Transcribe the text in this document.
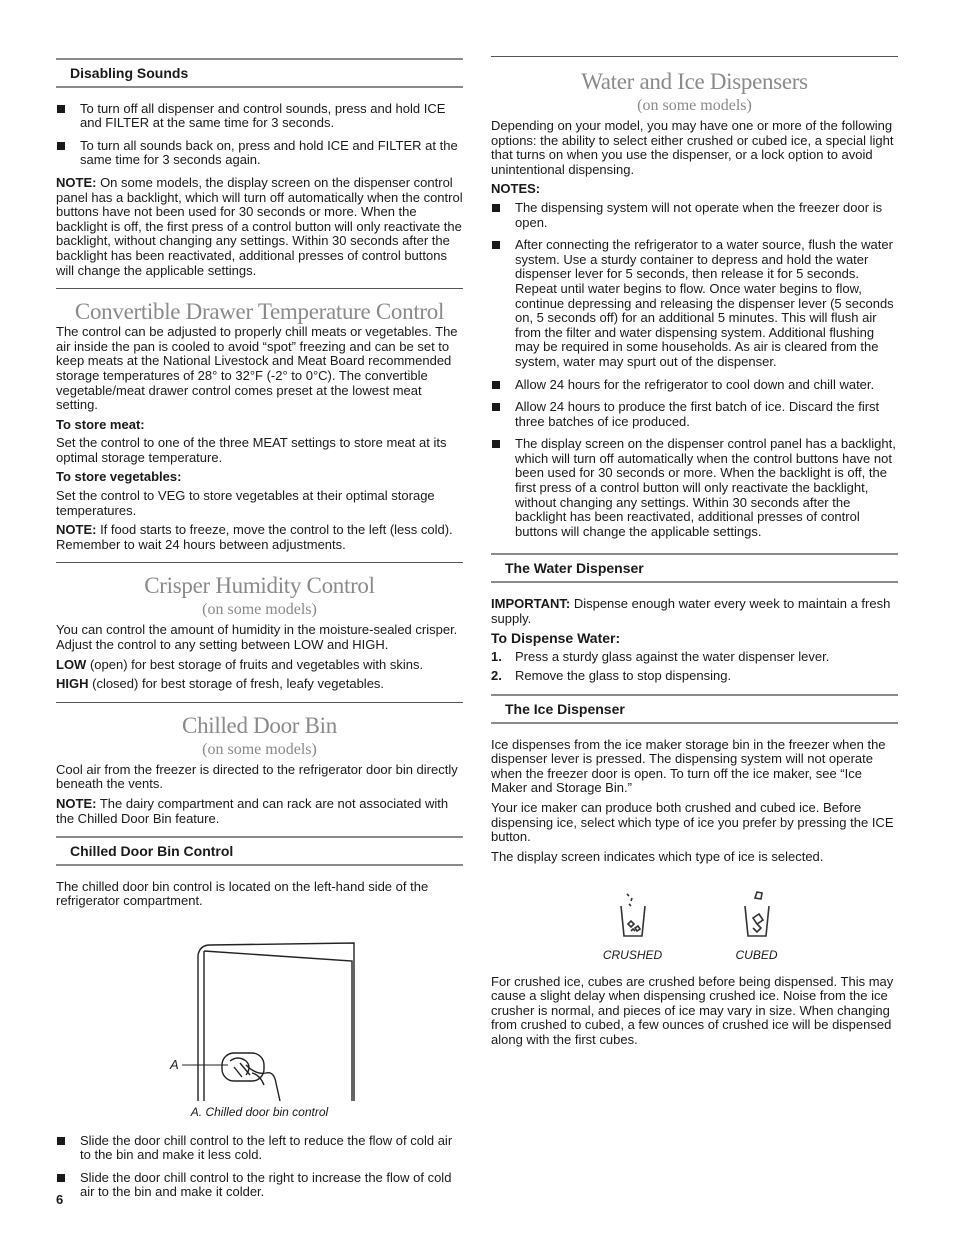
Disabling Sounds
To turn off all dispenser and control sounds, press and hold ICE and FILTER at the same time for 3 seconds.
To turn all sounds back on, press and hold ICE and FILTER at the same time for 3 seconds again.

NOTE: On some models, the display screen on the dispenser control panel has a backlight, which will turn off automatically when the control buttons have not been used for 30 seconds or more. When the backlight is off, the first press of a control button will only reactivate the backlight, without changing any settings. Within 30 seconds after the backlight has been reactivated, additional presses of control buttons will change the applicable settings.

Convertible Drawer Temperature Control

The control can be adjusted to properly chill meats or vegetables. The air inside the pan is cooled to avoid “spot” freezing and can be set to keep meats at the National Livestock and Meat Board recommended storage temperatures of 28° to 32°F (-2° to 0°C). The convertible vegetable/meat drawer control comes preset at the lowest meat setting.

To store meat:

Set the control to one of the three MEAT settings to store meat at its optimal storage temperature.

To store vegetables:

Set the control to VEG to store vegetables at their optimal storage temperatures.

NOTE: If food starts to freeze, move the control to the left (less cold). Remember to wait 24 hours between adjustments.

Crisper Humidity Control
(on some models)

You can control the amount of humidity in the moisture-sealed crisper. Adjust the control to any setting between LOW and HIGH.

LOW (open) for best storage of fruits and vegetables with skins.

HIGH (closed) for best storage of fresh, leafy vegetables.

Chilled Door Bin
(on some models)

Cool air from the freezer is directed to the refrigerator door bin directly beneath the vents.

NOTE: The dairy compartment and can rack are not associated with the Chilled Door Bin feature.

Chilled Door Bin Control

The chilled door bin control is located on the left-hand side of the refrigerator compartment.

A
A. Chilled door bin control
Slide the door chill control to the left to reduce the flow of cold air to the bin and make it less cold.
Slide the door chill control to the right to increase the flow of cold air to the bin and make it colder.
6
Water and Ice Dispensers
(on some models)

Depending on your model, you may have one or more of the following options: the ability to select either crushed or cubed ice, a special light that turns on when you use the dispenser, or a lock option to avoid unintentional dispensing.

NOTES:
The dispensing system will not operate when the freezer door is open.
After connecting the refrigerator to a water source, flush the water system. Use a sturdy container to depress and hold the water dispenser lever for 5 seconds, then release it for 5 seconds. Repeat until water begins to flow. Once water begins to flow, continue depressing and releasing the dispenser lever (5 seconds on, 5 seconds off) for an additional 5 minutes. This will flush air from the filter and water dispensing system. Additional flushing may be required in some households. As air is cleared from the system, water may spurt out of the dispenser.
Allow 24 hours for the refrigerator to cool down and chill water.
Allow 24 hours to produce the first batch of ice. Discard the first three batches of ice produced.
The display screen on the dispenser control panel has a backlight, which will turn off automatically when the control buttons have not been used for 30 seconds or more. When the backlight is off, the first press of a control button will only reactivate the backlight, without changing any settings. Within 30 seconds after the backlight has been reactivated, additional presses of control buttons will change the applicable settings.
The Water Dispenser

IMPORTANT: Dispense enough water every week to maintain a fresh supply.

To Dispense Water:
1. Press a sturdy glass against the water dispenser lever.
2. Remove the glass to stop dispensing.
The Ice Dispenser

Ice dispenses from the ice maker storage bin in the freezer when the dispenser lever is pressed. The dispensing system will not operate when the freezer door is open. To turn off the ice maker, see “Ice Maker and Storage Bin.”

Your ice maker can produce both crushed and cubed ice. Before dispensing ice, select which type of ice you prefer by pressing the ICE button.

The display screen indicates which type of ice is selected.

CRUSHED	CUBED

For crushed ice, cubes are crushed before being dispensed. This may cause a slight delay when dispensing crushed ice. Noise from the ice crusher is normal, and pieces of ice may vary in size. When changing from crushed to cubed, a few ounces of crushed ice will be dispensed along with the first cubes.
